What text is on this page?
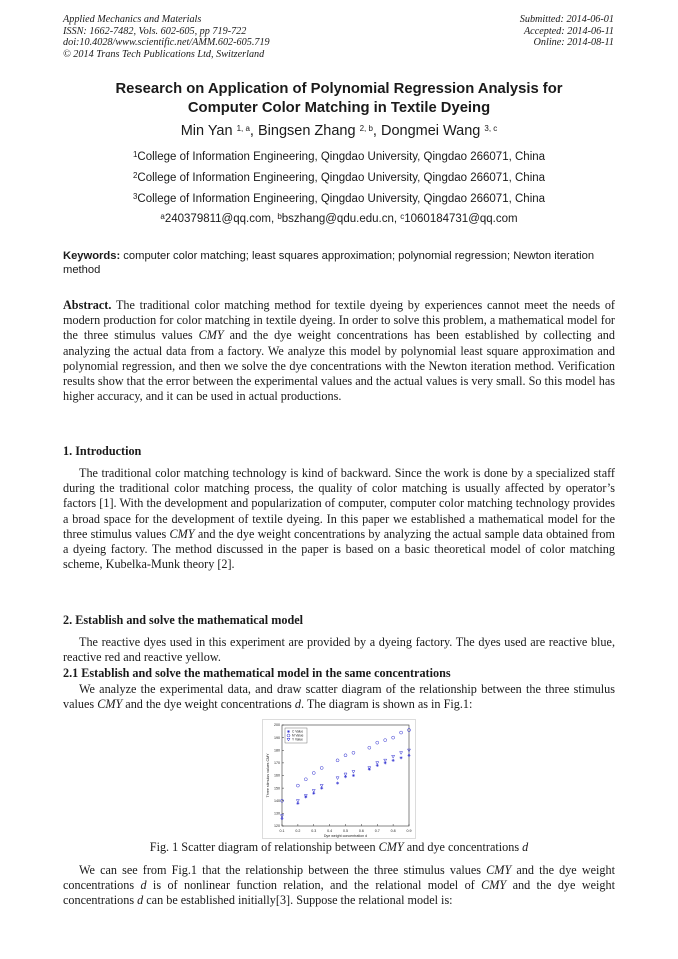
Applied Mechanics and Materials
ISSN: 1662-7482, Vols. 602-605, pp 719-722
doi:10.4028/www.scientific.net/AMM.602-605.719
© 2014 Trans Tech Publications Ltd, Switzerland
Submitted: 2014-06-01
Accepted: 2014-06-11
Online: 2014-08-11
Research on Application of Polynomial Regression Analysis for
Computer Color Matching in Textile Dyeing
Min Yan $^{1, a}$, Bingsen Zhang $^{2, b}$, Dongmei Wang $^{3, c}$
$^1$College of Information Engineering, Qingdao University, Qingdao 266071, China
$^2$College of Information Engineering, Qingdao University, Qingdao 266071, China
$^3$College of Information Engineering, Qingdao University, Qingdao 266071, China
$^a$240379811@qq.com, $^b$bszhang@qdu.edu.cn, $^c$1060184731@qq.com
Keywords: computer color matching; least squares approximation; polynomial regression; Newton iteration method
Abstract. The traditional color matching method for textile dyeing by experiences cannot meet the needs of modern production for color matching in textile dyeing. In order to solve this problem, a mathematical model for the three stimulus values CMY and the dye weight concentrations has been established by collecting and analyzing the actual data from a factory. We analyze this model by polynomial least square approximation and polynomial regression, and then we solve the dye concentrations with the Newton iteration method. Verification results show that the error between the experimental values and the actual values is very small. So this model has higher accuracy, and it can be used in actual productions.
1. Introduction
The traditional color matching technology is kind of backward. Since the work is done by a specialized staff during the traditional color matching process, the quality of color matching is usually affected by operator’s factors [1]. With the development and popularization of computer, computer color matching technology provides a broad space for the development of textile dyeing. In this paper we established a mathematical model for the three stimulus values CMY and the dye weight concentrations by analyzing the actual sample data obtained from a dyeing factory. The method discussed in the paper is based on a basic theoretical model of color matching scheme, Kubelka-Munk theory [2].
2. Establish and solve the mathematical model
The reactive dyes used in this experiment are provided by a dyeing factory. The dyes used are reactive blue, reactive red and reactive yellow.
2.1 Establish and solve the mathematical model in the same concentrations
We analyze the experimental data, and draw scatter diagram of the relationship between the three stimulus values CMY and the dye weight concentrations d. The diagram is shown as in Fig.1:
0.1	0.2	0.3	0.4	0.5	0.6	0.7	0.8	0.9
120
130
140
150
160
170
180
190
200
Dye weight concentration d
Three stimulus values CMY
C Value
M Value
Y Value
Fig. 1 Scatter diagram of relationship between CMY and dye concentrations d
We can see from Fig.1 that the relationship between the three stimulus values CMY and the dye weight concentrations d is of nonlinear function relation, and the relational model of CMY and the dye weight concentrations d can be established initially[3]. Suppose the relational model is:
